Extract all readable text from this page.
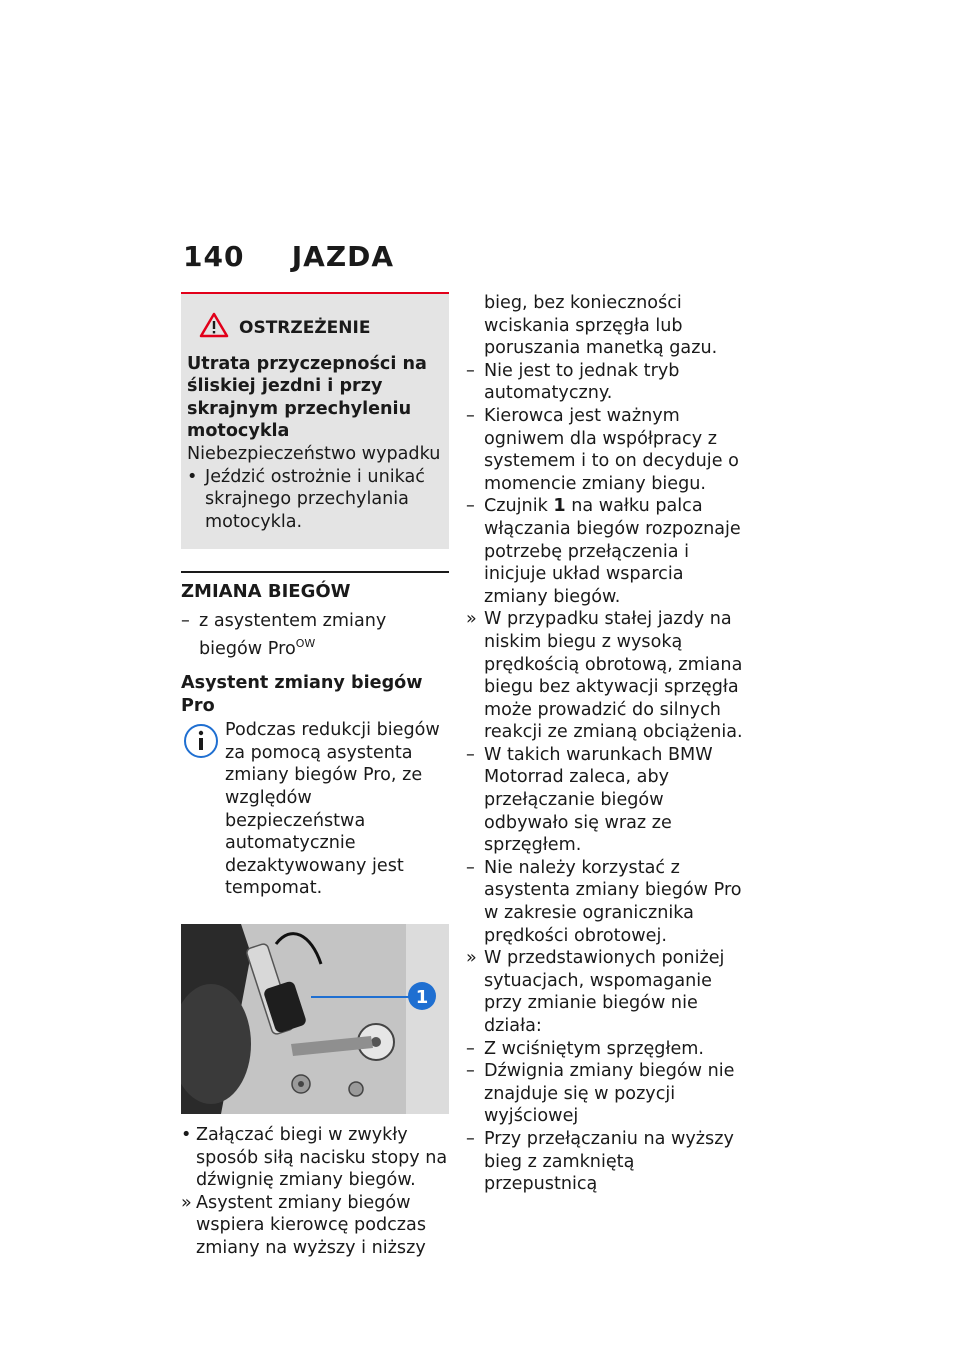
140 JAZDA
OSTRZEŻENIE
Utrata przyczepności na śliskiej jezdni i przy skrajnym przechyleniu motocykla
Niebezpieczeństwo wypadku
• Jeździć ostrożnie i unikać skrajnego przechylania motocykla.
ZMIANA BIEGÓW
– z asystentem zmiany biegów Pro$^{OW}$
Asystent zmiany biegów Pro
Podczas redukcji biegów za pomocą asystenta zmiany biegów Pro, ze względów bezpieczeństwa automatycznie dezaktywowany jest tempomat.
1
• Załączać biegi w zwykły sposób siłą nacisku stopy na dźwignię zmiany biegów.
» Asystent zmiany biegów wspiera kierowcę podczas zmiany na wyższy i niższy
bieg, bez konieczności wciskania sprzęgła lub poruszania manetką gazu.
– Nie jest to jednak tryb automatyczny.
– Kierowca jest ważnym ogniwem dla współpracy z systemem i to on decyduje o momencie zmiany biegu.
– Czujnik 1 na wałku palca włączania biegów rozpoznaje potrzebę przełączenia i inicjuje układ wsparcia zmiany biegów.
» W przypadku stałej jazdy na niskim biegu z wysoką prędkością obrotową, zmiana biegu bez aktywacji sprzęgła może prowadzić do silnych reakcji ze zmianą obciążenia.
– W takich warunkach BMW Motorrad zaleca, aby przełączanie biegów odbywało się wraz ze sprzęgłem.
– Nie należy korzystać z asystenta zmiany biegów Pro w zakresie ogranicznika prędkości obrotowej.
» W przedstawionych poniżej sytuacjach, wspomaganie przy zmianie biegów nie działa:
– Z wciśniętym sprzęgłem.
– Dźwignia zmiany biegów nie znajduje się w pozycji wyjściowej
– Przy przełączaniu na wyższy bieg z zamkniętą przepustnicą
